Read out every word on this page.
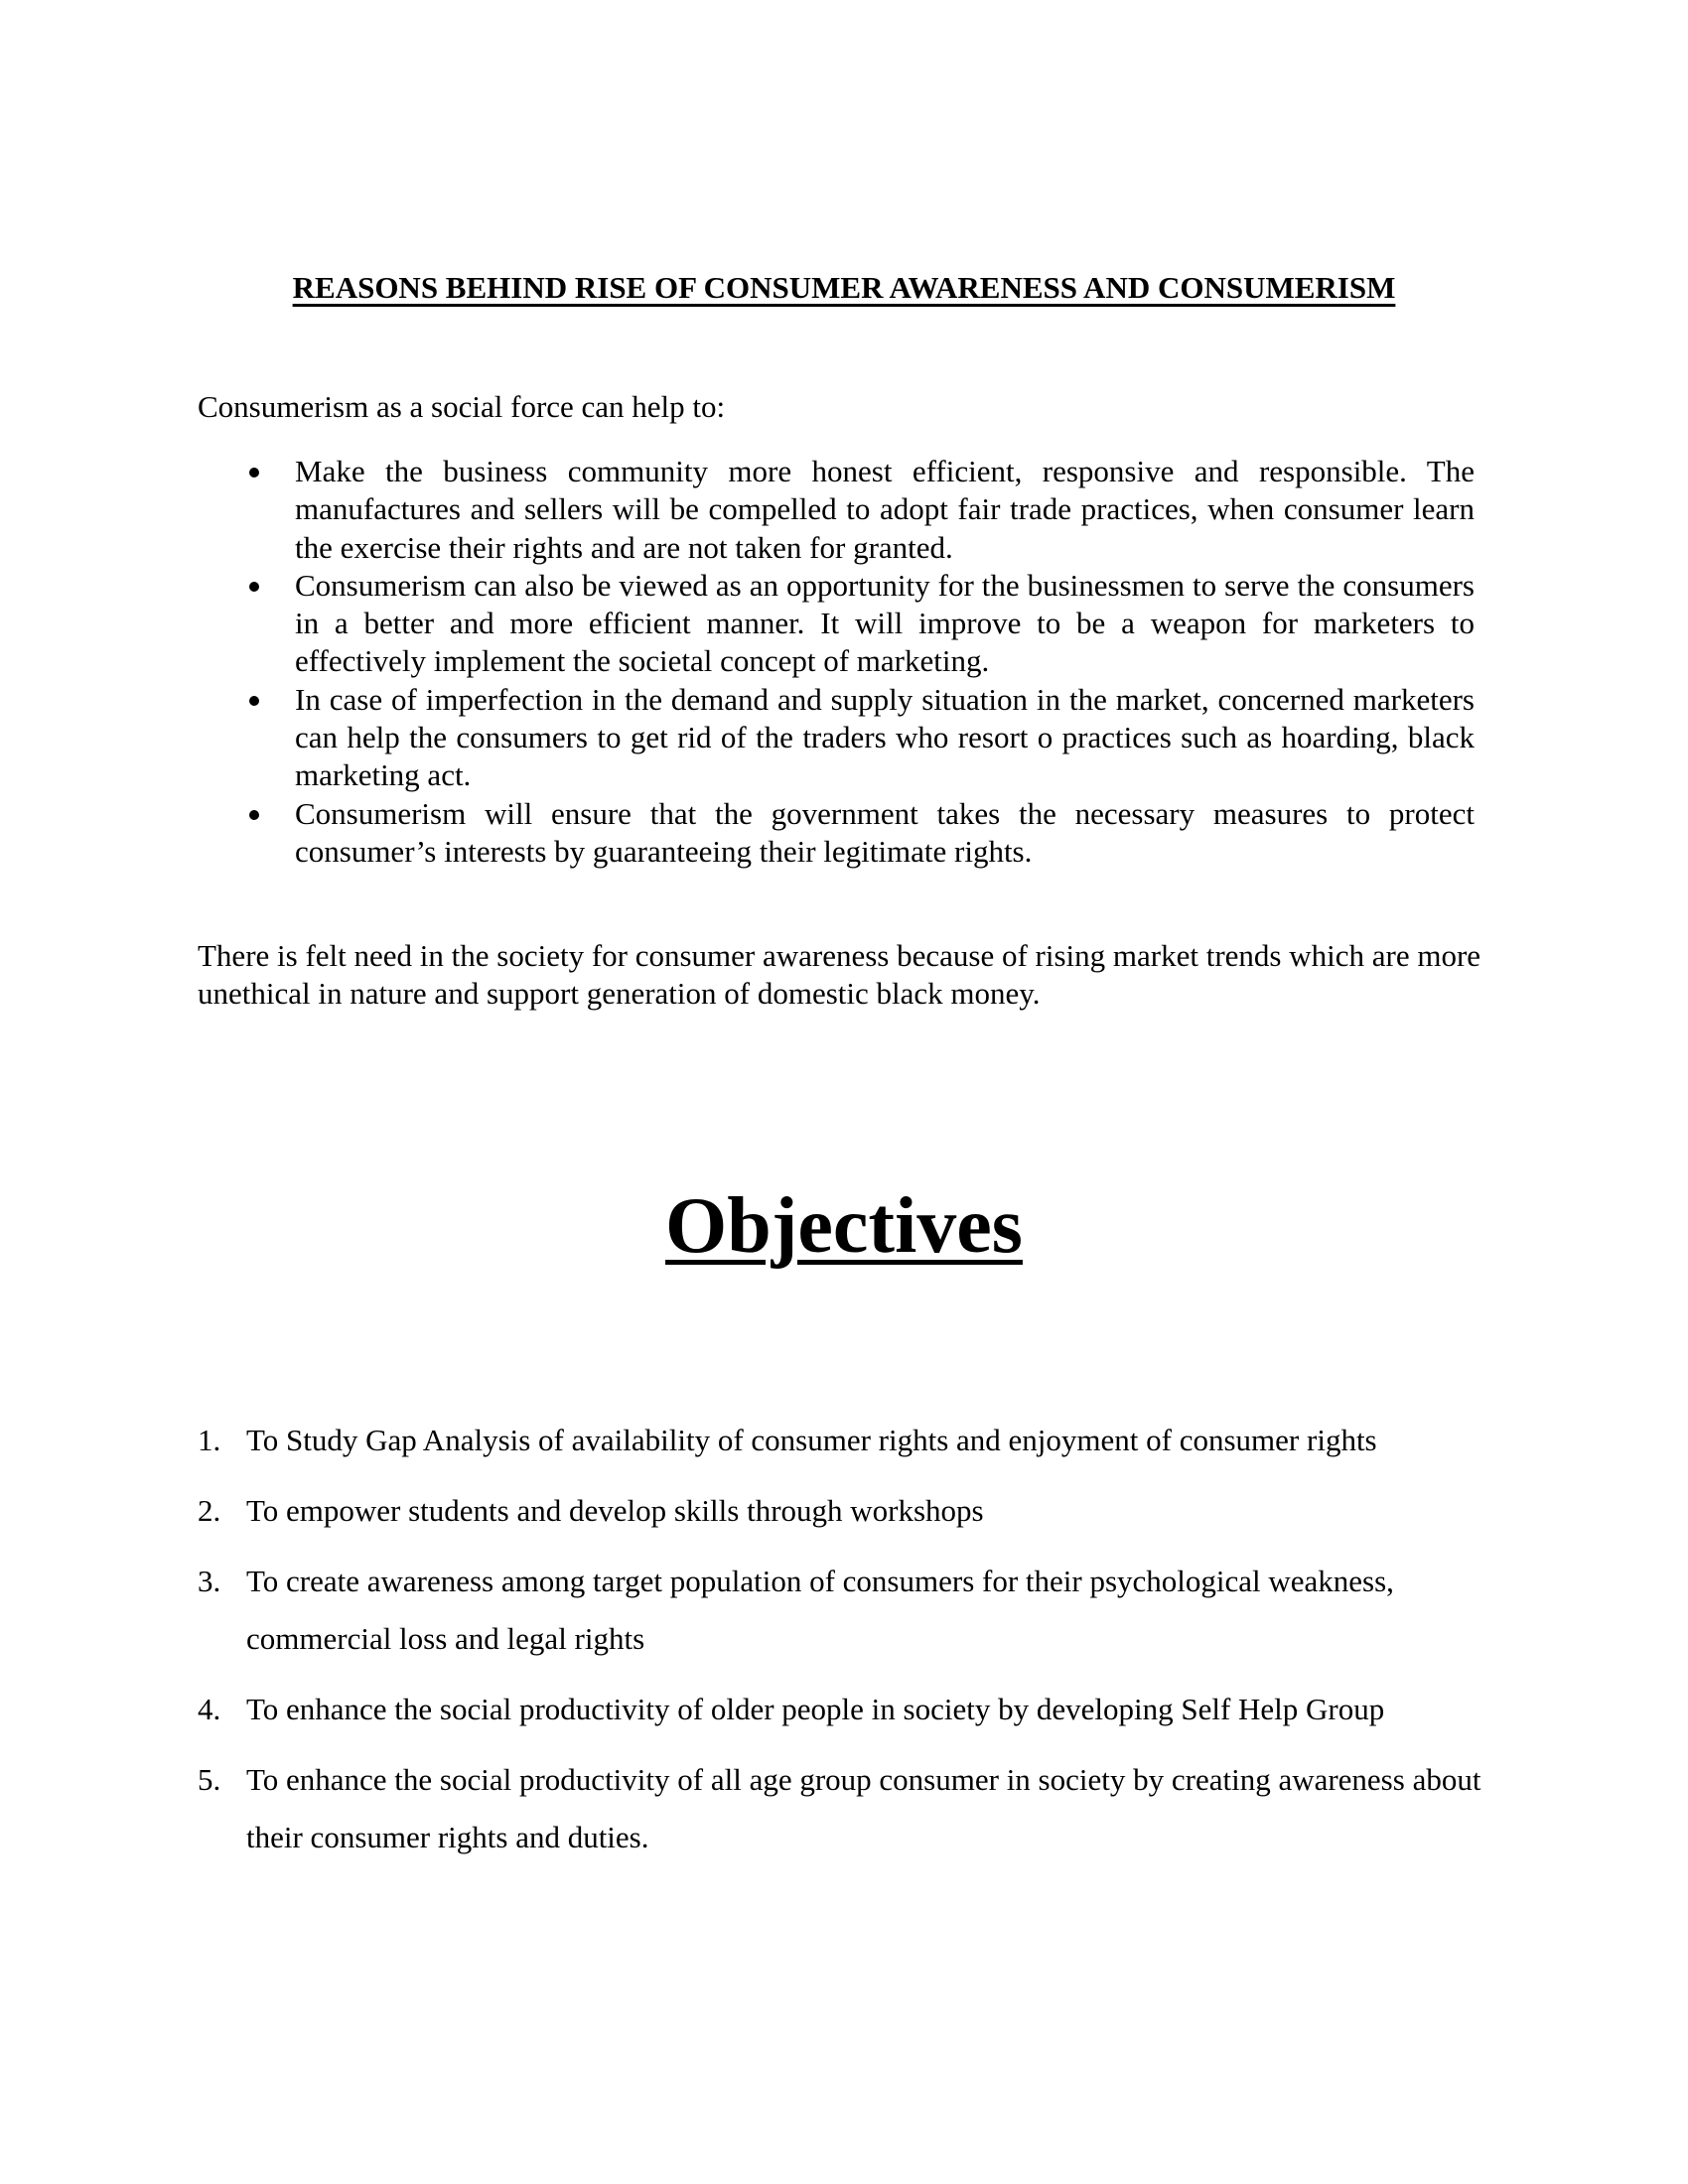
REASONS BEHIND RISE OF CONSUMER AWARENESS AND CONSUMERISM
Consumerism as a social force can help to:
Make the business community more honest efficient, responsive and responsible. The manufactures and sellers will be compelled to adopt fair trade practices, when consumer learn the exercise their rights and are not taken for granted.
Consumerism can also be viewed as an opportunity for the businessmen to serve the consumers in a better and more efficient manner. It will improve to be a weapon for marketers to effectively implement the societal concept of marketing.
In case of imperfection in the demand and supply situation in the market, concerned marketers can help the consumers to get rid of the traders who resort o practices such as hoarding, black marketing act.
Consumerism will ensure that the government takes the necessary measures to protect consumer’s interests by guaranteeing their legitimate rights.
There is felt need in the society for consumer awareness because of rising market trends which are more unethical in nature and support generation of domestic black money.
Objectives
1. To Study Gap Analysis of availability of consumer rights and enjoyment of consumer rights
2. To empower students and develop skills through workshops
3. To create awareness among target population of consumers for their psychological weakness, commercial loss and legal rights
4. To enhance the social productivity of older people in society by developing Self Help Group
5. To enhance the social productivity of all age group consumer in society by creating awareness about their consumer rights and duties.
